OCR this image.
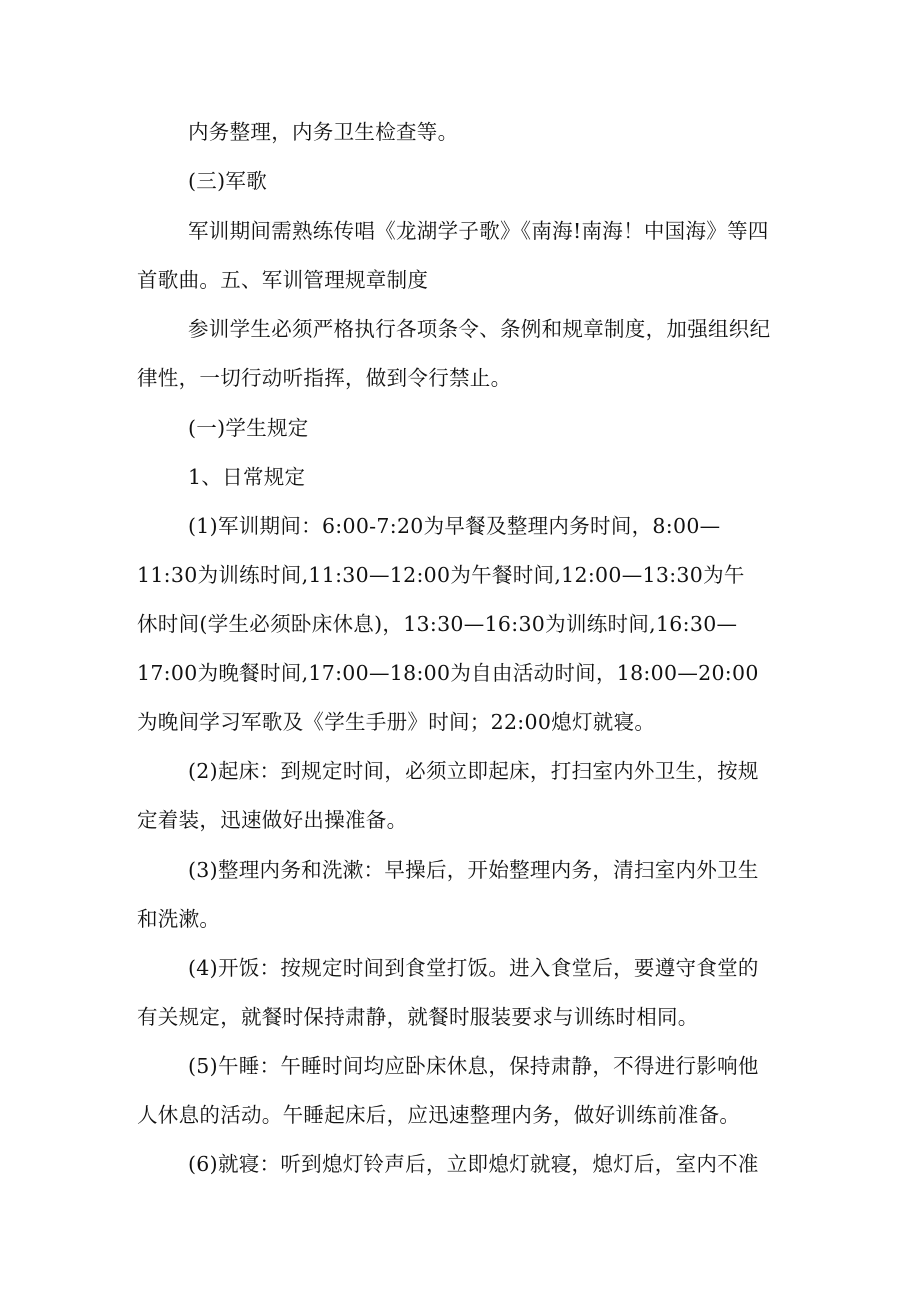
内务整理，内务卫生检查等。

(三)军歌

军训期间需熟练传唱《龙湖学子歌》《南海!南海！中国海》等四

首歌曲。五、军训管理规章制度

参训学生必须严格执行各项条令、条例和规章制度，加强组织纪

律性，一切行动听指挥，做到令行禁止。

(一)学生规定

1、日常规定

(1)军训期间：6:00-7:20为早餐及整理内务时间，8:00—

11:30为训练时间,11:30—12:00为午餐时间,12:00—13:30为午

休时间(学生必须卧床休息)，13:30—16:30为训练时间,16:30—

17:00为晚餐时间,17:00—18:00为自由活动时间，18:00—20:00

为晚间学习军歌及《学生手册》时间；22:00熄灯就寝。

(2)起床：到规定时间，必须立即起床，打扫室内外卫生，按规

定着装，迅速做好出操准备。

(3)整理内务和洗漱：早操后，开始整理内务，清扫室内外卫生

和洗漱。

(4)开饭：按规定时间到食堂打饭。进入食堂后，要遵守食堂的

有关规定，就餐时保持肃静，就餐时服装要求与训练时相同。

(5)午睡：午睡时间均应卧床休息，保持肃静，不得进行影响他

人休息的活动。午睡起床后，应迅速整理内务，做好训练前准备。

(6)就寝：听到熄灯铃声后，立即熄灯就寝，熄灯后，室内不准
